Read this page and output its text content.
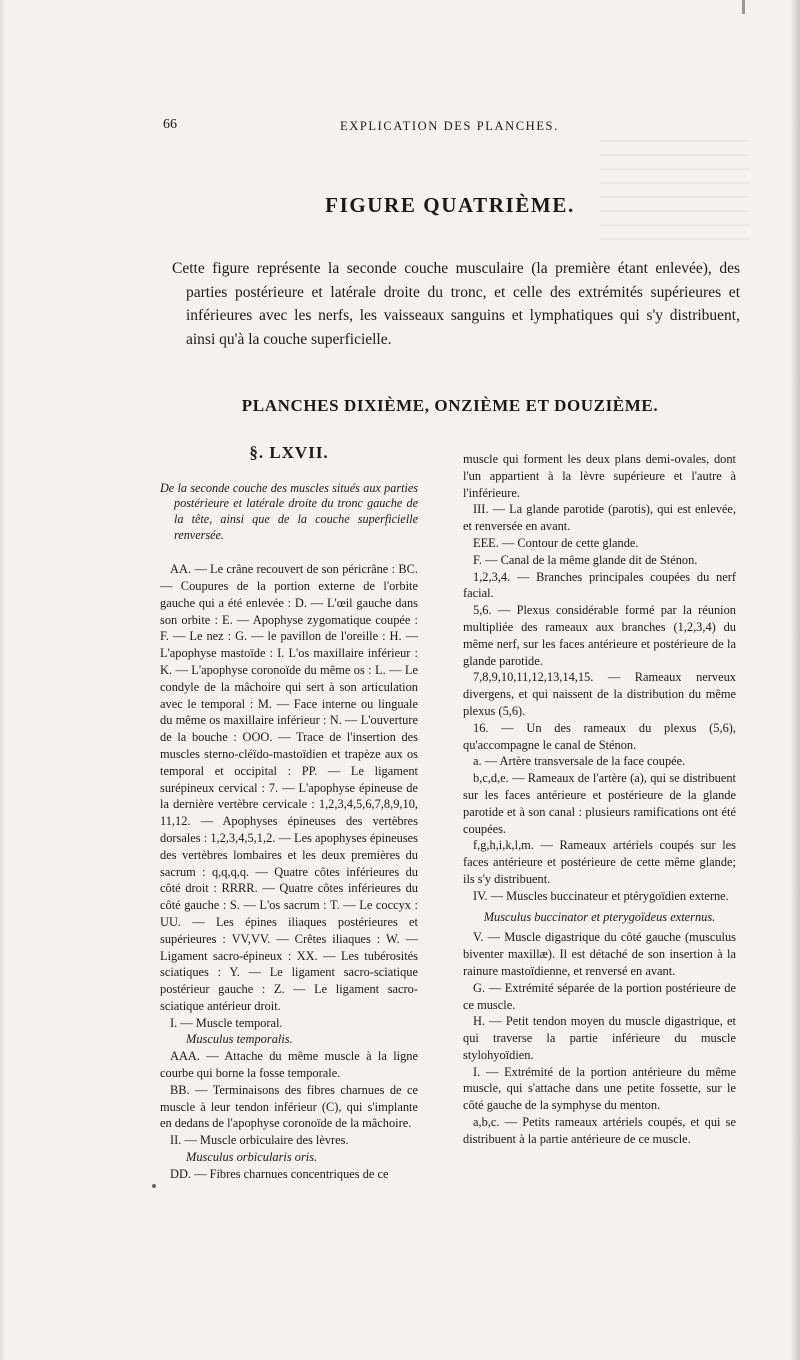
66	EXPLICATION DES PLANCHES.
FIGURE QUATRIÈME.

Cette figure représente la seconde couche musculaire (la première étant enlevée), des parties postérieure et latérale droite du tronc, et celle des extrémités supérieures et inférieures avec les nerfs, les vaisseaux sanguins et lymphatiques qui s'y distribuent, ainsi qu'à la couche superficielle.

PLANCHES DIXIÈME, ONZIÈME ET DOUZIÈME.

§. LXVII.

De la seconde couche des muscles situés aux parties postérieure et latérale droite du tronc gauche de la tête, ainsi que de la couche superficielle renversée.

AA. — Le crâne recouvert de son péricrâne : BC. — Coupures de la portion externe de l'orbite gauche qui a été enlevée : D. — L'œil gauche dans son orbite : E. — Apophyse zygomatique coupée : F. — Le nez : G. — le pavillon de l'oreille : H. — L'apophyse mastoïde : I. L'os maxillaire inférieur : K. — L'apophyse coronoïde du même os : L. — Le condyle de la mâchoire qui sert à son articulation avec le temporal : M. — Face interne ou linguale du même os maxillaire inférieur : N. — L'ouverture de la bouche : OOO. — Trace de l'insertion des muscles sterno-cléïdo-mastoïdien et trapèze aux os temporal et occipital : PP. — Le ligament surépineux cervical : 7. — L'apophyse épineuse de la dernière vertèbre cervicale : 1,2,3,4,5,6,7,8,9,10, 11,12. — Apophyses épineuses des vertèbres dorsales : 1,2,3,4,5,1,2. — Les apophyses épineuses des vertèbres lombaires et les deux premières du sacrum : q,q,q,q. — Quatre côtes inférieures du côté droit : RRRR. — Quatre côtes inférieures du côté gauche : S. — L'os sacrum : T. — Le coccyx : UU. — Les épines iliaques postérieures et supérieures : VV,VV. — Crêtes iliaques : W. — Ligament sacro-épineux : XX. — Les tubérosités sciatiques : Y. — Le ligament sacro-sciatique postérieur gauche : Z. — Le ligament sacro-sciatique antérieur droit.

I. — Muscle temporal.

Musculus temporalis.

AAA. — Attache du même muscle à la ligne courbe qui borne la fosse temporale.

BB. — Terminaisons des fibres charnues de ce muscle à leur tendon inférieur (C), qui s'implante en dedans de l'apophyse coronoïde de la mâchoire.

II. — Muscle orbiculaire des lèvres.

Musculus orbicularis oris.

DD. — Fibres charnues concentriques de ce

muscle qui forment les deux plans demi-ovales, dont l'un appartient à la lèvre supérieure et l'autre à l'inférieure.

III. — La glande parotide (parotis), qui est enlevée, et renversée en avant.

EEE. — Contour de cette glande.

F. — Canal de la même glande dit de Sténon.

1,2,3,4. — Branches principales coupées du nerf facial.

5,6. — Plexus considérable formé par la réunion multipliée des rameaux aux branches (1,2,3,4) du même nerf, sur les faces antérieure et postérieure de la glande parotide.

7,8,9,10,11,12,13,14,15. — Rameaux nerveux divergens, et qui naissent de la distribution du même plexus (5,6).

16. — Un des rameaux du plexus (5,6), qu'accompagne le canal de Sténon.

a. — Artère transversale de la face coupée.

b,c,d,e. — Rameaux de l'artère (a), qui se distribuent sur les faces antérieure et postérieure de la glande parotide et à son canal : plusieurs ramifications ont été coupées.

f,g,h,i,k,l,m. — Rameaux artériels coupés sur les faces antérieure et postérieure de cette même glande; ils s'y distribuent.

IV. — Muscles buccinateur et ptérygoïdien externe.

Musculus buccinator et pterygoïdeus externus.

V. — Muscle digastrique du côté gauche (musculus biventer maxillæ). Il est détaché de son insertion à la rainure mastoïdienne, et renversé en avant.

G. — Extrémité séparée de la portion postérieure de ce muscle.

H. — Petit tendon moyen du muscle digastrique, et qui traverse la partie inférieure du muscle stylohyoïdien.

I. — Extrémité de la portion antérieure du même muscle, qui s'attache dans une petite fossette, sur le côté gauche de la symphyse du menton.

a,b,c. — Petits rameaux artériels coupés, et qui se distribuent à la partie antérieure de ce muscle.
